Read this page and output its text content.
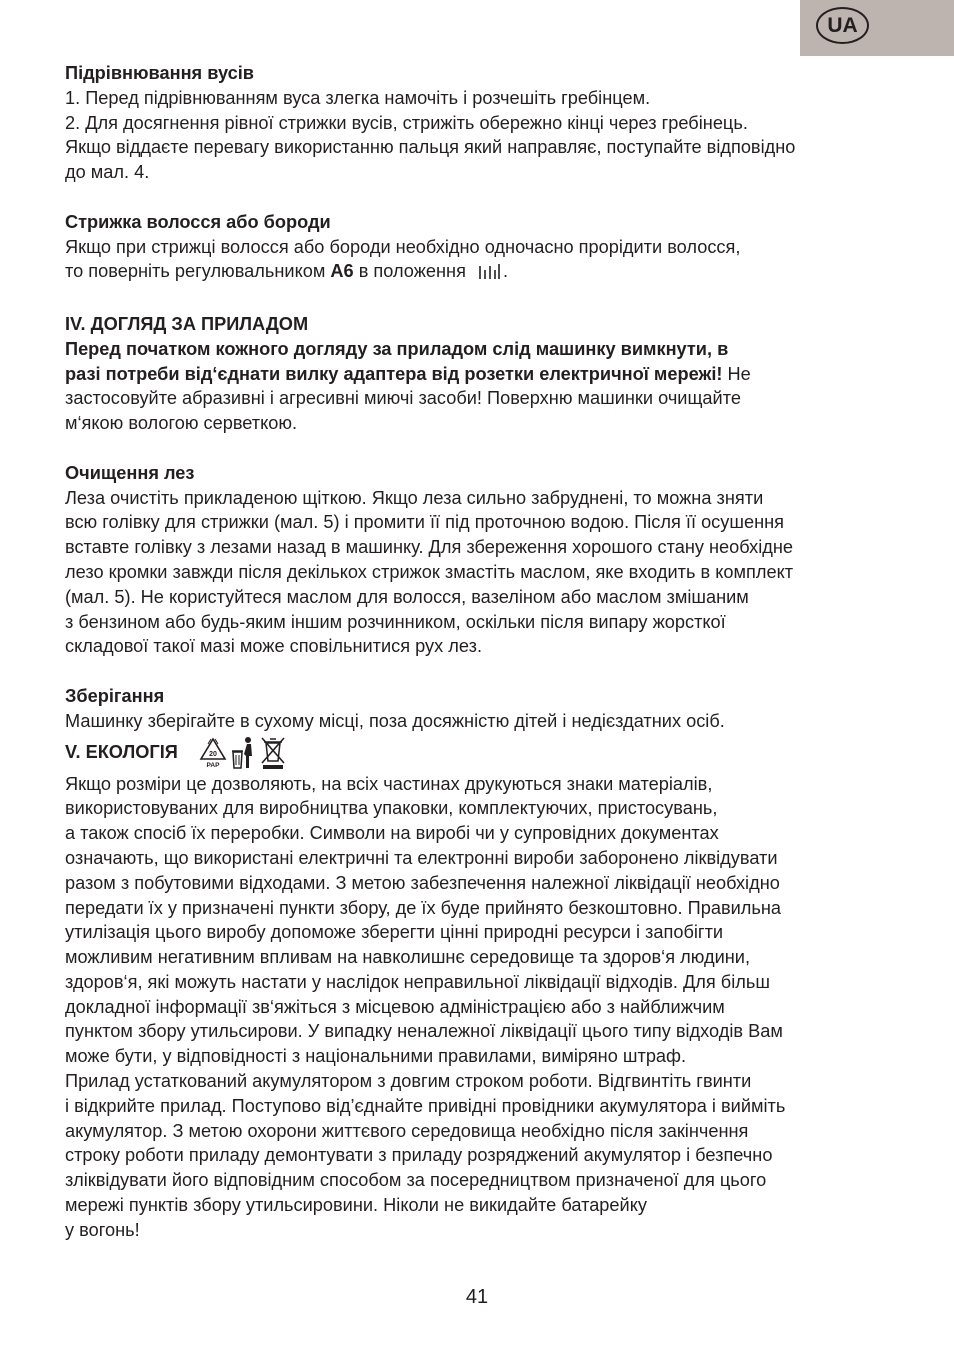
UA

Підрівнювання вусів

1. Перед підрівнюванням вуса злегка намочіть і розчешіть гребінцем.

2. Для досягнення рівної стрижки вусів, стрижіть обережно кінці через гребінець.

Якщо віддаєте перевагу використанню пальця який направляє, поступайте відповідно

до мал. 4.

Стрижка волосся або бороди

Якщо при стрижці волосся або бороди необхідно одночасно прорідити волосся,

то поверніть регулювальником A6 в положення .

IV. ДОГЛЯД ЗА ПРИЛАДОМ

Перед початком кожного догляду за приладом слід машинку вимкнути, в

разі потреби від‘єднати вилку адаптера від розетки електричної мережі! Не

застосовуйте абразивні і агресивні миючі засоби! Поверхню машинки очищайте

м‘якою вологою серветкою.

Очищення лез

Леза очистіть прикладеною щіткою. Якщо леза сильно забруднені, то можна зняти

всю голівку для стрижки (мал. 5) і промити її під проточною водою. Після її осушення

вставте голівку з лезами назад в машинку. Для збереження хорошого стану необхідне

лезо кромки завжди після декількох стрижок змастіть маслом, яке входить в комплект

(мал. 5). Не користуйтеся маслом для волосся, вазеліном або маслом змішаним

з бензином або будь-яким іншим розчинником, оскільки після випару жорсткої

складової такої мазі може сповільнитися рух лез.

Зберігання

Машинку зберігайте в сухому місці, поза досяжністю дітей і недієздатних осіб.

V. ЕКОЛОГІЯ	20
PAP

Якщо розміри це дозволяють, на всіх частинах друкуються знаки матеріалів,

використовуваних для виробництва упаковки, комплектуючих, пристосувань,

а також спосіб їх переробки. Символи на виробі чи у супровідних документах

означають, що використані електричні та електронні вироби заборонено ліквідувати

разом з побутовими відходами. З метою забезпечення належної ліквідації необхідно

передати їх у призначені пункти збору, де їх буде прийнято безкоштовно. Правильна

утилізація цього виробу допоможе зберегти цінні природні ресурси і запобігти

можливим негативним впливам на навколишнє середовище та здоров‘я людини,

здоров‘я, які можуть настати у наслідок неправильної ліквідації відходів. Для більш

докладної інформації зв‘яжіться з місцевою адміністрацією або з найближчим

пунктом збору утильсирови. У випадку неналежної ліквідації цього типу відходів Вам

може бути, у відповідності з національними правилами, виміряно штраф.

Прилад устаткований акумулятором з довгим строком роботи. Відгвинтіть гвинти

і відкрийте прилад. Поступово від’єднайте привідні провідники акумулятора і вийміть

акумулятор. З метою охорони життєвого середовища необхідно після закінчення

строку роботи приладу демонтувати з приладу розряджений акумулятор і безпечно

зліквідувати його відповідним способом за посередництвом призначеної для цього

мережі пунктів збору утильсировини. Ніколи не викидайте батарейку

у вогонь!

41
